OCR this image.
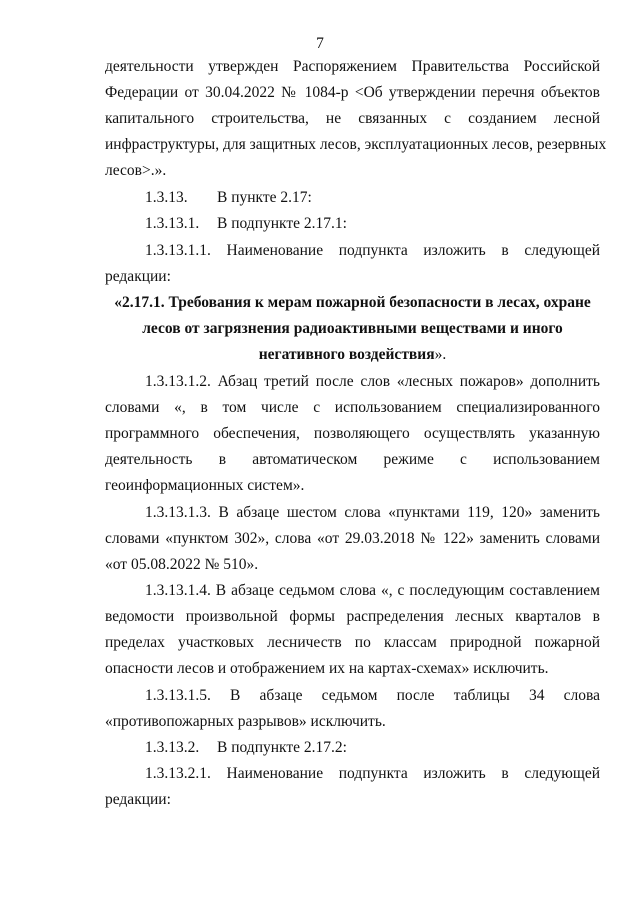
7
деятельности утвержден Распоряжением Правительства Российской
Федерации от 30.04.2022 № 1084-р <Об утверждении перечня объектов
капитального строительства, не связанных с созданием лесной
инфраструктуры, для защитных лесов, эксплуатационных лесов, резервных
лесов>.».
1.3.13. В пункте 2.17:
1.3.13.1. В подпункте 2.17.1:
1.3.13.1.1. Наименование подпункта изложить в следующей
редакции:
«2.17.1. Требования к мерам пожарной безопасности в лесах, охране
лесов от загрязнения радиоактивными веществами и иного
негативного воздействия».
1.3.13.1.2. Абзац третий после слов «лесных пожаров» дополнить
словами «, в том числе с использованием специализированного
программного обеспечения, позволяющего осуществлять указанную
деятельность в автоматическом режиме с использованием
геоинформационных систем».
1.3.13.1.3. В абзаце шестом слова «пунктами 119, 120» заменить
словами «пунктом 302», слова «от 29.03.2018 № 122» заменить словами
«от 05.08.2022 № 510».
1.3.13.1.4. В абзаце седьмом слова «, с последующим составлением
ведомости произвольной формы распределения лесных кварталов в
пределах участковых лесничеств по классам природной пожарной
опасности лесов и отображением их на картах-схемах» исключить.
1.3.13.1.5. В абзаце седьмом после таблицы 34 слова
«противопожарных разрывов» исключить.
1.3.13.2. В подпункте 2.17.2:
1.3.13.2.1. Наименование подпункта изложить в следующей
редакции:
